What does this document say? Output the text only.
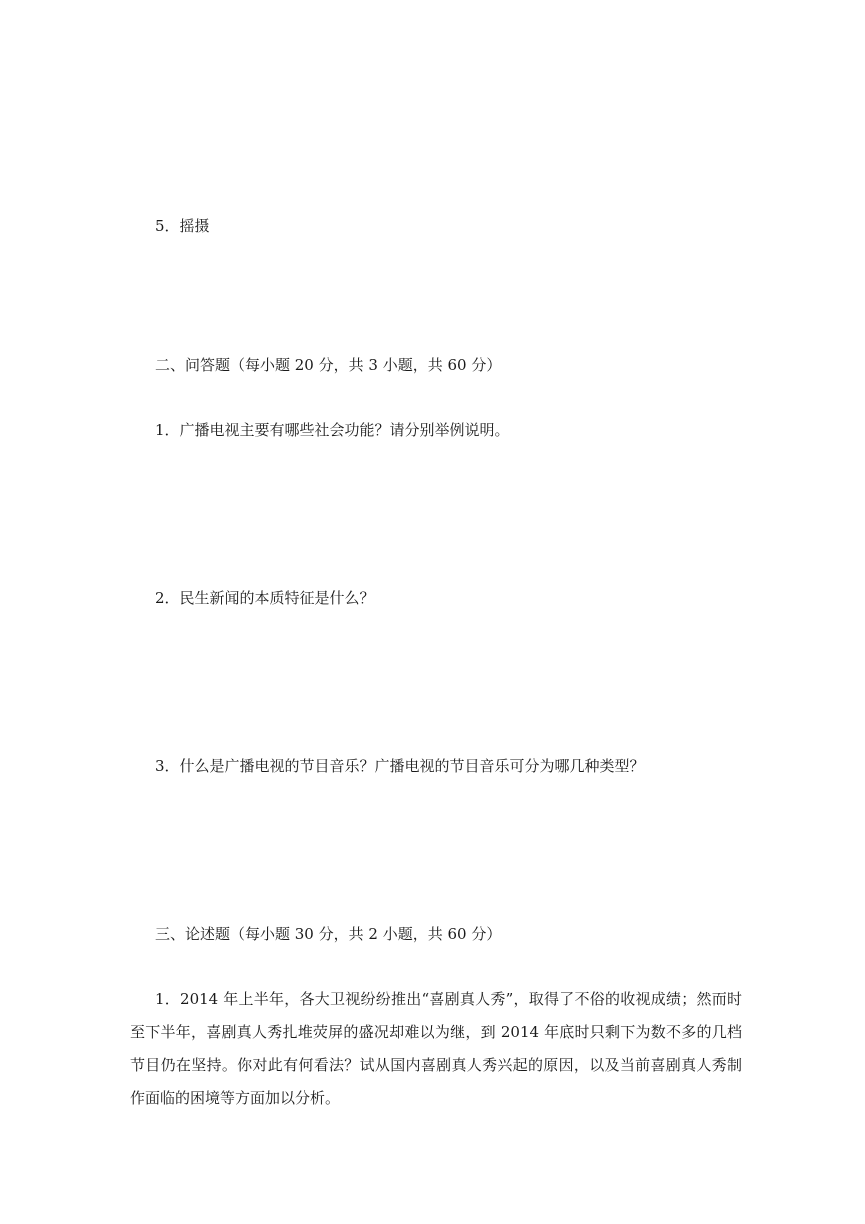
5．摇摄
二、问答题（每小题 20 分，共 3 小题，共 60 分）
1．广播电视主要有哪些社会功能？请分别举例说明。
2．民生新闻的本质特征是什么？
3．什么是广播电视的节目音乐？广播电视的节目音乐可分为哪几种类型？
三、论述题（每小题 30 分，共 2 小题，共 60 分）
1．2014 年上半年，各大卫视纷纷推出“喜剧真人秀”，取得了不俗的收视成绩；然而时至下半年，喜剧真人秀扎堆荧屏的盛况却难以为继，到 2014 年底时只剩下为数不多的几档节目仍在坚持。你对此有何看法？试从国内喜剧真人秀兴起的原因，以及当前喜剧真人秀制作面临的困境等方面加以分析。
